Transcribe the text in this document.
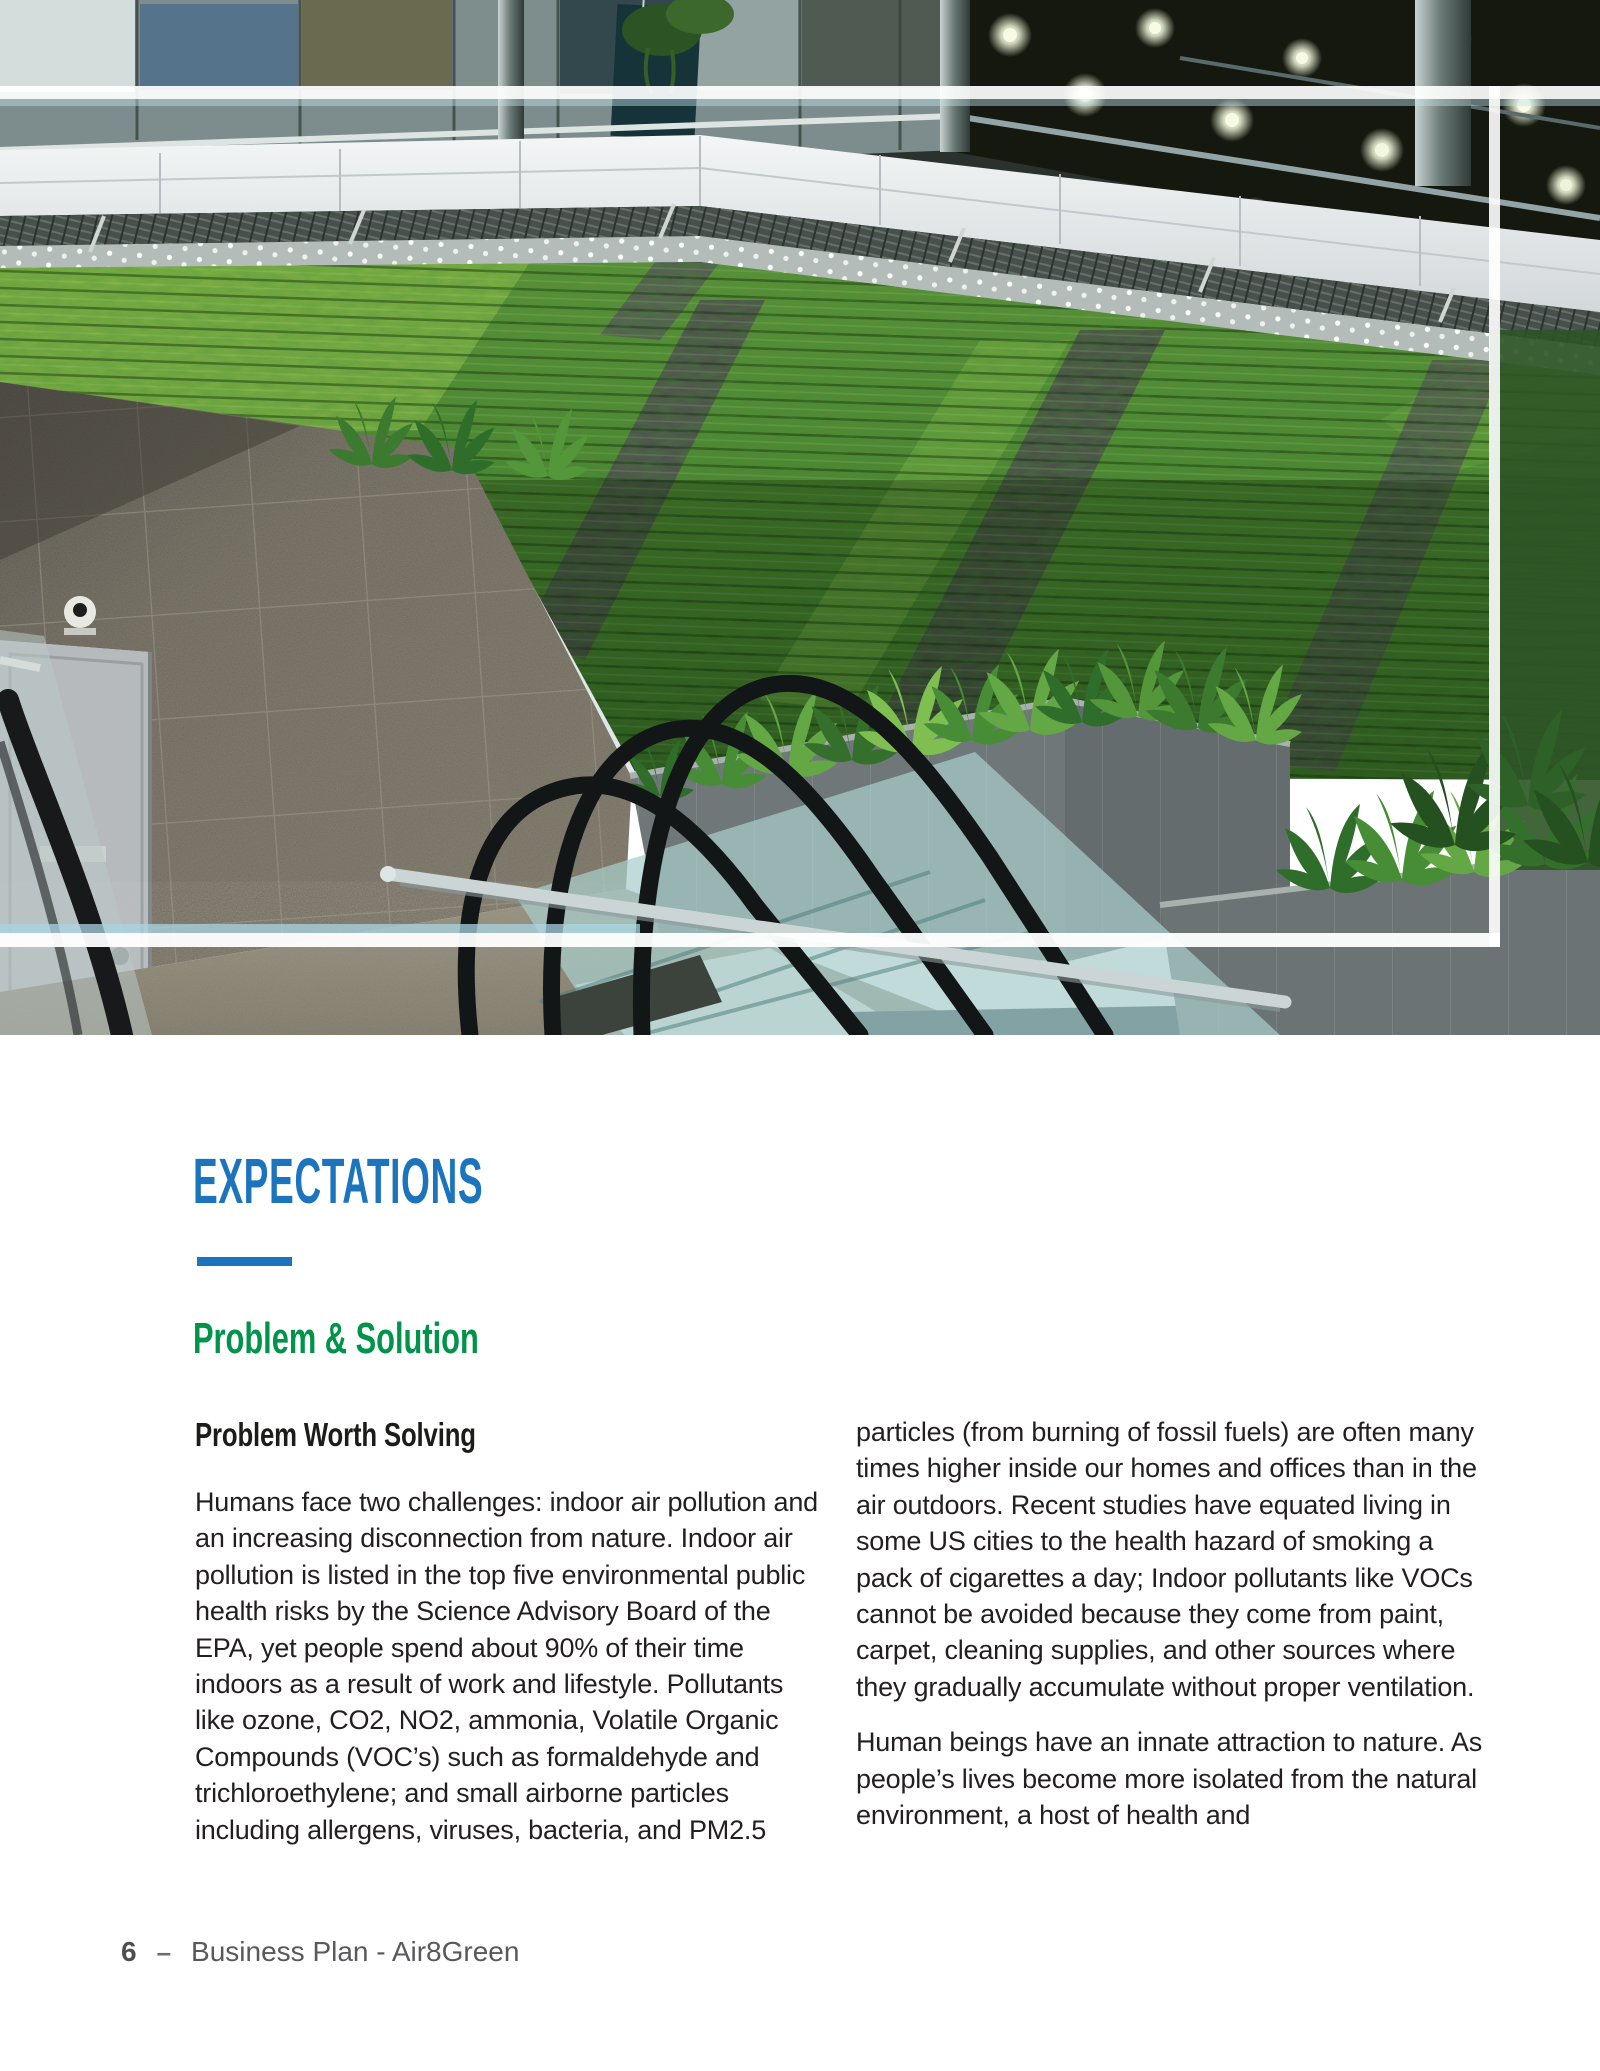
EXPECTATIONS
Problem & Solution
Problem Worth Solving

Humans face two challenges: indoor air pollution and an increasing disconnection from nature. Indoor air pollution is listed in the top five environmental public health risks by the Science Advisory Board of the EPA, yet people spend about 90% of their time indoors as a result of work and lifestyle. Pollutants like ozone, CO2, NO2, ammonia, Volatile Organic Compounds (VOC’s) such as formaldehyde and trichloroethylene; and small airborne particles including allergens, viruses, bacteria, and PM2.5

particles (from burning of fossil fuels) are often many times higher inside our homes and offices than in the air outdoors. Recent studies have equated living in some US cities to the health hazard of smoking a pack of cigarettes a day; Indoor pollutants like VOCs cannot be avoided because they come from paint, carpet, cleaning supplies, and other sources where they gradually accumulate without proper ventilation.

Human beings have an innate attraction to nature. As people’s lives become more isolated from the natural environment, a host of health and

6 – Business Plan - Air8Green
